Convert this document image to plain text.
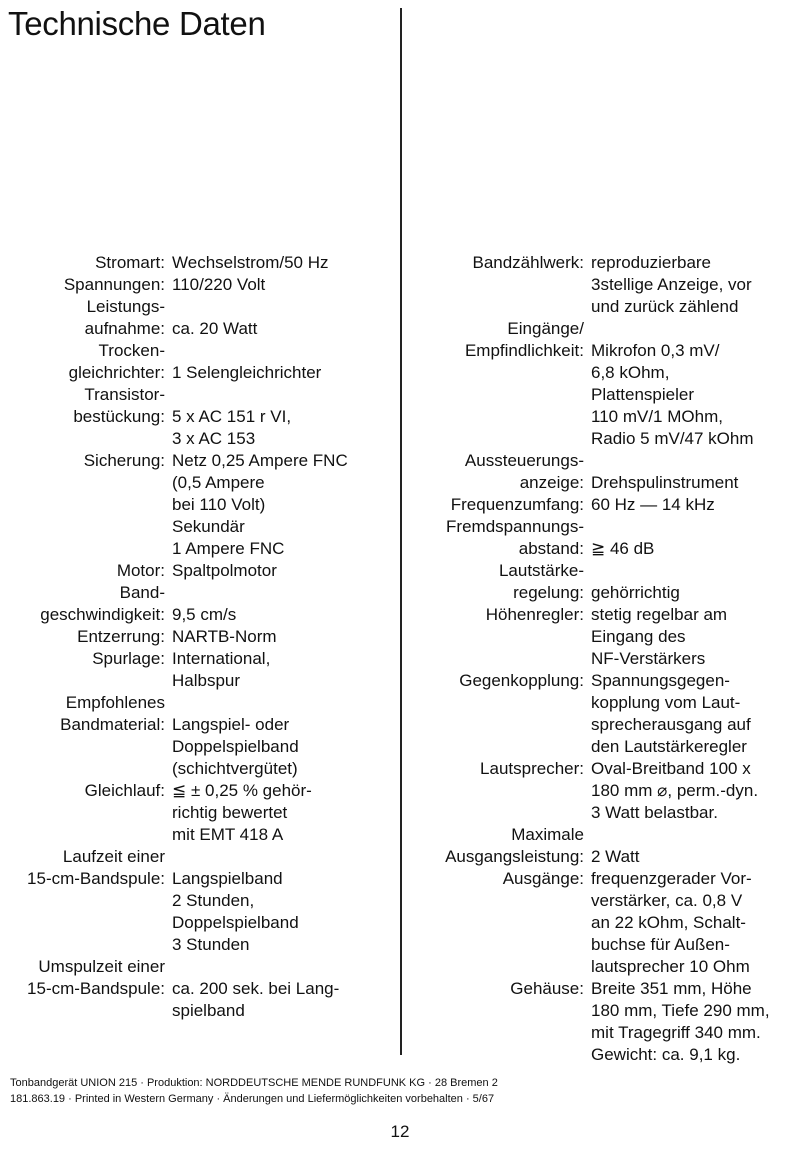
Technische Daten
Stromart: Wechselstrom/50 Hz
Spannungen: 110/220 Volt
Leistungs-
aufnahme:
ca. 20 Watt
Trocken-
gleichrichter:
1 Selengleichrichter
Transistor-
bestückung:
5 x AC 151 r VI,
3 x AC 153
Sicherung: Netz 0,25 Ampere FNC
(0,5 Ampere
bei 110 Volt)
Sekundär
1 Ampere FNC
Motor: Spaltpolmotor
Band-
geschwindigkeit:
9,5 cm/s
Entzerrung: NARTB-Norm
Spurlage: International,
Halbspur
Empfohlenes
Bandmaterial:
Langspiel- oder
Doppelspielband
(schichtvergütet)
Gleichlauf: ≦ ± 0,25 % gehör-
richtig bewertet
mit EMT 418 A
Laufzeit einer
15-cm-Bandspule:
Langspielband
2 Stunden,
Doppelspielband
3 Stunden
Umspulzeit einer
15-cm-Bandspule:
ca. 200 sek. bei Lang-
spielband
Bandzählwerk: reproduzierbare
3stellige Anzeige, vor
und zurück zählend
Eingänge/
Empfindlichkeit:
Mikrofon 0,3 mV/
6,8 kOhm,
Plattenspieler
110 mV/1 MOhm,
Radio 5 mV/47 kOhm
Aussteuerungs-
anzeige:
Drehspulinstrument
Frequenzumfang: 60 Hz — 14 kHz
Fremdspannungs-
abstand:
≧ 46 dB
Lautstärke-
regelung:
gehörrichtig
Höhenregler: stetig regelbar am
Eingang des
NF-Verstärkers
Gegenkopplung: Spannungsgegen-
kopplung vom Laut-
sprecherausgang auf
den Lautstärkeregler
Lautsprecher: Oval-Breitband 100 x
180 mm ⌀, perm.-dyn.
3 Watt belastbar.
Maximale
Ausgangsleistung:
2 Watt
Ausgänge: frequenzgerader Vor-
verstärker, ca. 0,8 V
an 22 kOhm, Schalt-
buchse für Außen-
lautsprecher 10 Ohm
Gehäuse: Breite 351 mm, Höhe
180 mm, Tiefe 290 mm,
mit Tragegriff 340 mm.
Gewicht: ca. 9,1 kg.

Tonbandgerät UNION 215 · Produktion: NORDDEUTSCHE MENDE RUNDFUNK KG · 28 Bremen 2

181.863.19 · Printed in Western Germany · Änderungen und Liefermöglichkeiten vorbehalten · 5/67

12
